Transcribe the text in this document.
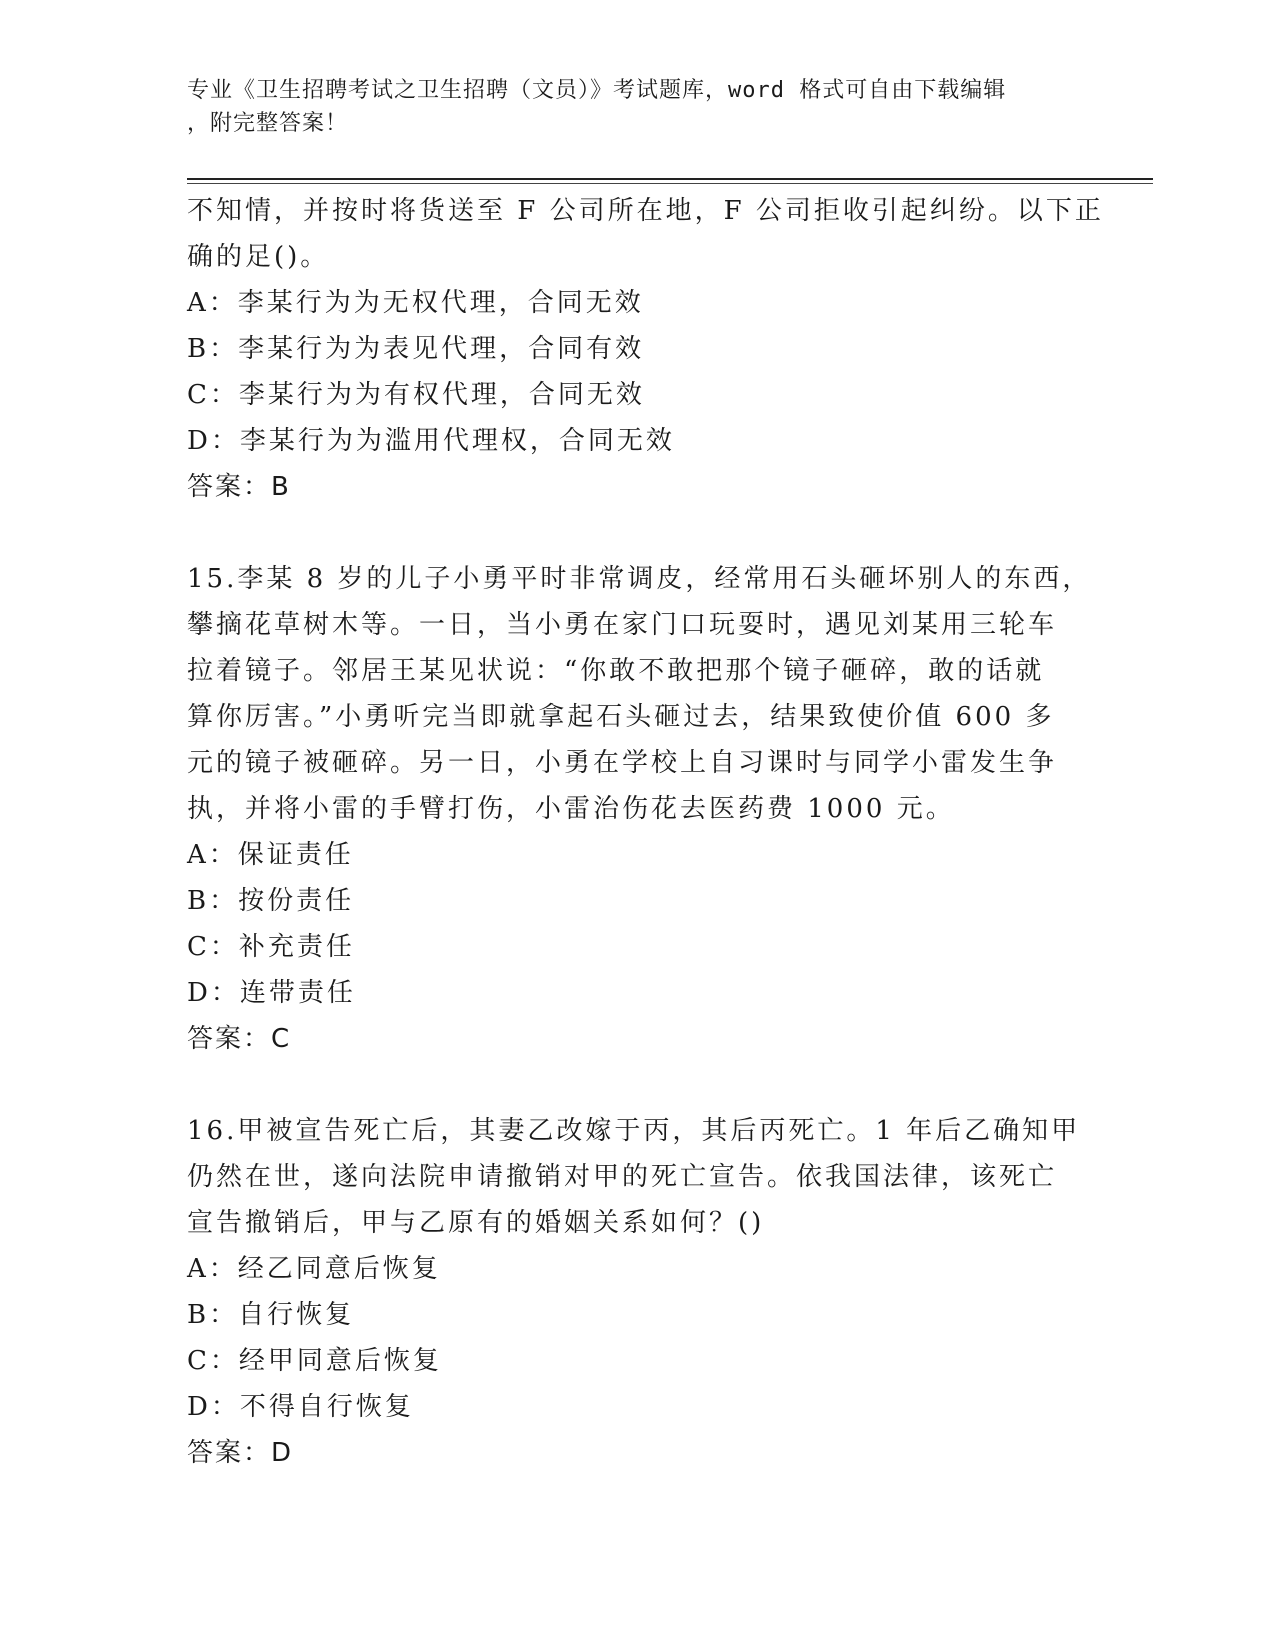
专业《卫生招聘考试之卫生招聘（文员）》考试题库，word 格式可自由下载编辑
，附完整答案！
不知情，并按时将货送至 F 公司所在地，F 公司拒收引起纠纷。以下正
确的足()。
A：李某行为为无权代理，合同无效
B：李某行为为表见代理，合同有效
C：李某行为为有权代理，合同无效
D：李某行为为滥用代理权，合同无效
答案：B
15.李某 8 岁的儿子小勇平时非常调皮，经常用石头砸坏别人的东西，
攀摘花草树木等。一日，当小勇在家门口玩耍时，遇见刘某用三轮车
拉着镜子。邻居王某见状说：“你敢不敢把那个镜子砸碎，敢的话就
算你厉害。”小勇听完当即就拿起石头砸过去，结果致使价值 600 多
元的镜子被砸碎。另一日，小勇在学校上自习课时与同学小雷发生争
执，并将小雷的手臂打伤，小雷治伤花去医药费 1000 元。
A：保证责任
B：按份责任
C：补充责任
D：连带责任
答案：C
16.甲被宣告死亡后，其妻乙改嫁于丙，其后丙死亡。1 年后乙确知甲
仍然在世，遂向法院申请撤销对甲的死亡宣告。依我国法律，该死亡
宣告撤销后，甲与乙原有的婚姻关系如何？()
A：经乙同意后恢复
B：自行恢复
C：经甲同意后恢复
D：不得自行恢复
答案：D
